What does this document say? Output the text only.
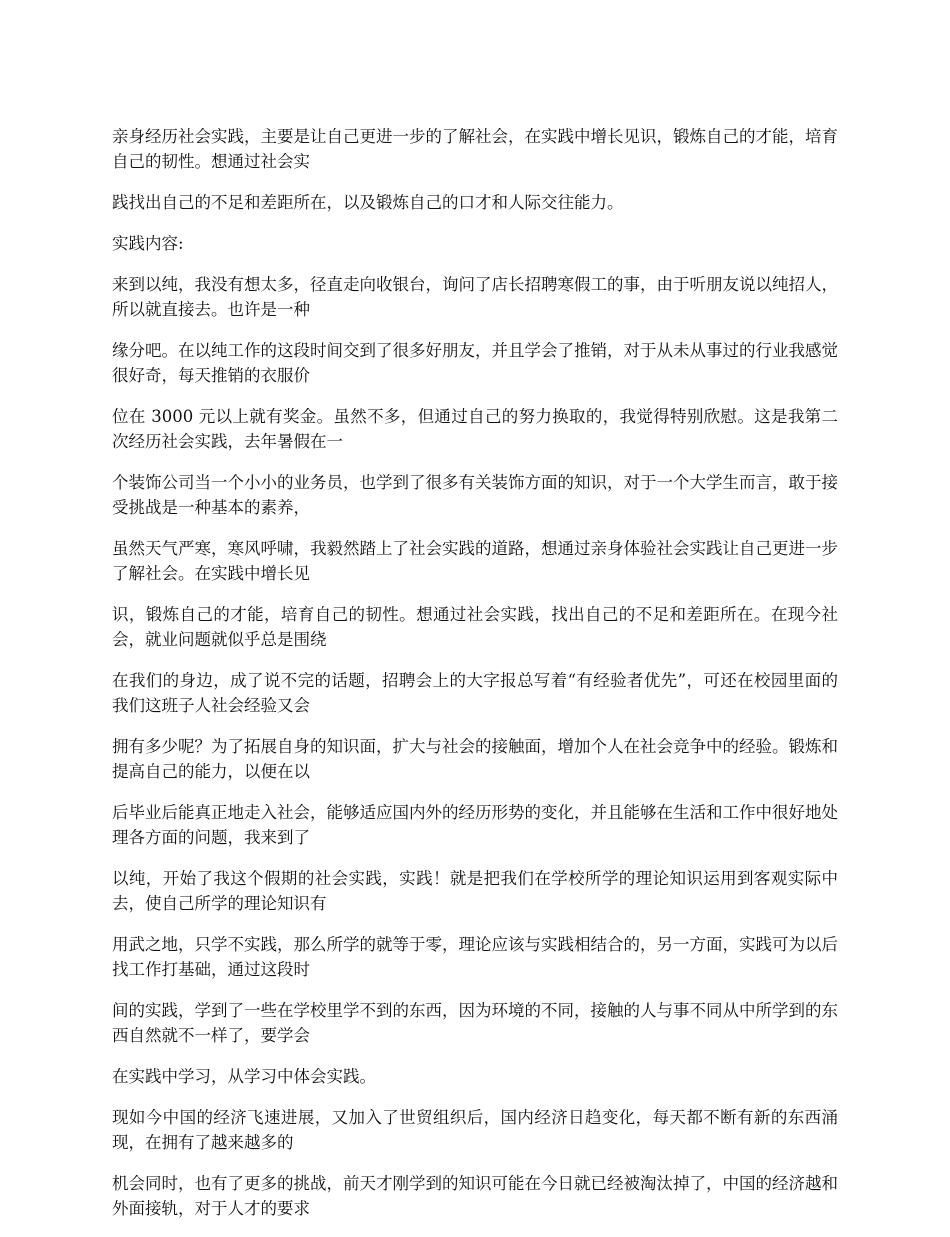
亲身经历社会实践，主要是让自己更进一步的了解社会，在实践中增长见识，锻炼自己的才能，培育自己的韧性。想通过社会实

践找出自己的不足和差距所在，以及锻炼自己的口才和人际交往能力。

实践内容:

来到以纯，我没有想太多，径直走向收银台，询问了店长招聘寒假工的事，由于听朋友说以纯招人，所以就直接去。也许是一种

缘分吧。在以纯工作的这段时间交到了很多好朋友，并且学会了推销，对于从未从事过的行业我感觉很好奇，每天推销的衣服价

位在 3000 元以上就有奖金。虽然不多，但通过自己的努力换取的，我觉得特别欣慰。这是我第二次经历社会实践，去年暑假在一

个装饰公司当一个小小的业务员，也学到了很多有关装饰方面的知识，对于一个大学生而言，敢于接受挑战是一种基本的素养，

虽然天气严寒，寒风呼啸，我毅然踏上了社会实践的道路，想通过亲身体验社会实践让自己更进一步了解社会。在实践中增长见

识，锻炼自己的才能，培育自己的韧性。想通过社会实践，找出自己的不足和差距所在。在现今社会，就业问题就似乎总是围绕

在我们的身边，成了说不完的话题，招聘会上的大字报总写着“有经验者优先”，可还在校园里面的我们这班子人社会经验又会

拥有多少呢？为了拓展自身的知识面，扩大与社会的接触面，增加个人在社会竞争中的经验。锻炼和提高自己的能力，以便在以

后毕业后能真正地走入社会，能够适应国内外的经历形势的变化，并且能够在生活和工作中很好地处理各方面的问题，我来到了

以纯，开始了我这个假期的社会实践，实践！就是把我们在学校所学的理论知识运用到客观实际中去，使自己所学的理论知识有

用武之地，只学不实践，那么所学的就等于零，理论应该与实践相结合的，另一方面，实践可为以后找工作打基础，通过这段时

间的实践，学到了一些在学校里学不到的东西，因为环境的不同，接触的人与事不同从中所学到的东西自然就不一样了，要学会

在实践中学习，从学习中体会实践。

现如今中国的经济飞速进展，又加入了世贸组织后，国内经济日趋变化，每天都不断有新的东西涌现，在拥有了越来越多的

机会同时，也有了更多的挑战，前天才刚学到的知识可能在今日就已经被淘汰掉了，中国的经济越和外面接轨，对于人才的要求
